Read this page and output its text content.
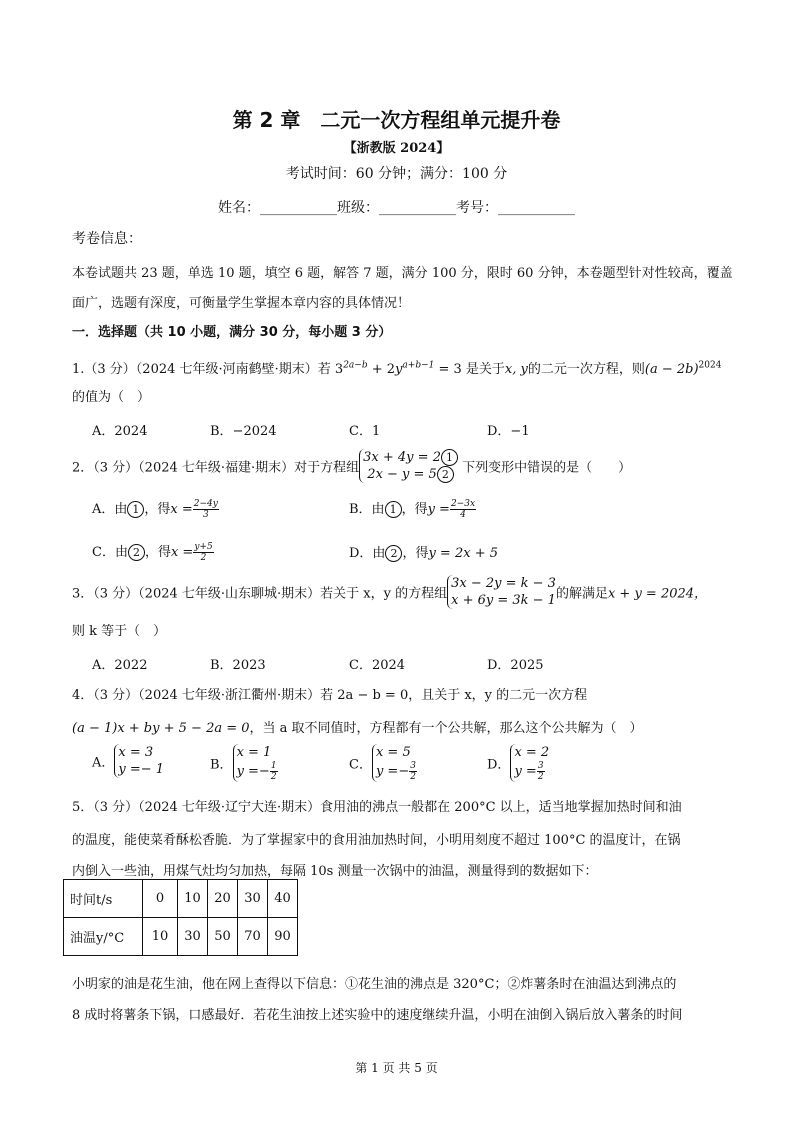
第 2 章　二元一次方程组单元提升卷
【浙教版 2024】
考试时间：60 分钟；满分：100 分
姓名：___________班级：___________考号：___________
考卷信息：
本卷试题共 23 题，单选 10 题，填空 6 题，解答 7 题，满分 100 分，限时 60 分钟，本卷题型针对性较高，覆盖
面广，选题有深度，可衡量学生掌握本章内容的具体情况！
一．选择题（共 10 小题，满分 30 分，每小题 3 分）
1.（3 分）（2024 七年级·河南鹤壁·期末）若 $3^{2a-b} + 2y^{a+b-1} = 3$ 是关于x, y的二元一次方程，则$(a - 2b)^{2024}$
的值为（　）
A．2024	B．−2024	C．1	D．−1
2．（3 分）（2024 七年级·福建·期末）对于方程组3x + 4y = 2 1
2x − y = 5 2 下列变形中错误的是（　　）
A．由 1 ，得$x = \frac{2-4y}{3}$	B．由 1 ，得$y = \frac{2-3x}{4}$
C．由 2 ，得$x = \frac{y+5}{2}$	D．由 2 ，得y = 2x + 5
3．（3 分）（2024 七年级·山东聊城·期末）若关于 x，y 的方程组3x − 2y = k − 3
x + 6y = 3k − 1的解满足x + y = 2024，
则 k 等于（　）
A．2022	B．2023	C．2024	D．2025
4．（3 分）（2024 七年级·浙江衢州·期末）若 2a − b = 0，且关于 x，y 的二元一次方程
(a − 1)x + by + 5 − 2a = 0，当 a 取不同值时，方程都有一个公共解，那么这个公共解为（　）
A．x = 3
y =− 1	B．x = 1
$y =- \frac{1}{2}$	C．x = 5
$y =- \frac{3}{2}$	D．x = 2
$y = \frac{3}{2}$
5．（3 分）（2024 七年级·辽宁大连·期末）食用油的沸点一般都在 200°C 以上，适当地掌握加热时间和油
的温度，能使菜肴酥松香脆．为了掌握家中的食用油加热时间，小明用刻度不超过 100°C 的温度计，在锅
内倒入一些油，用煤气灶均匀加热，每隔 10s 测量一次锅中的油温，测量得到的数据如下：
时间t/s	0	10	20	30	40
油温y/°C	10	30	50	70	90
小明家的油是花生油，他在网上查得以下信息：①花生油的沸点是 320°C；②炸薯条时在油温达到沸点的
8 成时将薯条下锅，口感最好．若花生油按上述实验中的速度继续升温，小明在油倒入锅后放入薯条的时间
第 1 页 共 5 页
